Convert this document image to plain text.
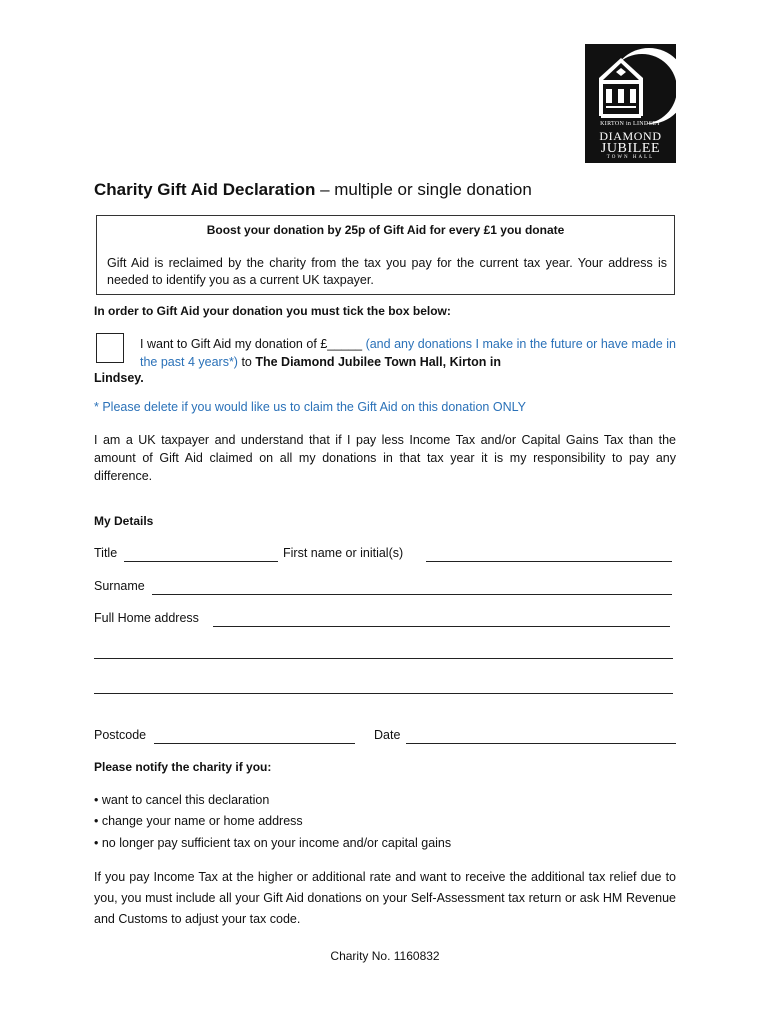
KIRTON in LINDSEY
DIAMOND
JUBILEE
TOWN HALL
Charity Gift Aid Declaration – multiple or single donation
Boost your donation by 25p of Gift Aid for every £1 you donate
Gift Aid is reclaimed by the charity from the tax you pay for the current tax year. Your address is needed to identify you as a current UK taxpayer.
In order to Gift Aid your donation you must tick the box below:
I want to Gift Aid my donation of £_____ (and any donations I make in the future or have made in the past 4 years*) to The Diamond Jubilee Town Hall, Kirton in
Lindsey.
* Please delete if you would like us to claim the Gift Aid on this donation ONLY
I am a UK taxpayer and understand that if I pay less Income Tax and/or Capital Gains Tax than the amount of Gift Aid claimed on all my donations in that tax year it is my responsibility to pay any difference.
My Details
Title	First name or initial(s)
Surname
Full Home address
Postcode	Date
Please notify the charity if you:
• want to cancel this declaration
• change your name or home address
• no longer pay sufficient tax on your income and/or capital gains
If you pay Income Tax at the higher or additional rate and want to receive the additional tax relief due to you, you must include all your Gift Aid donations on your Self-Assessment tax return or ask HM Revenue and Customs to adjust your tax code.
Charity No. 1160832
